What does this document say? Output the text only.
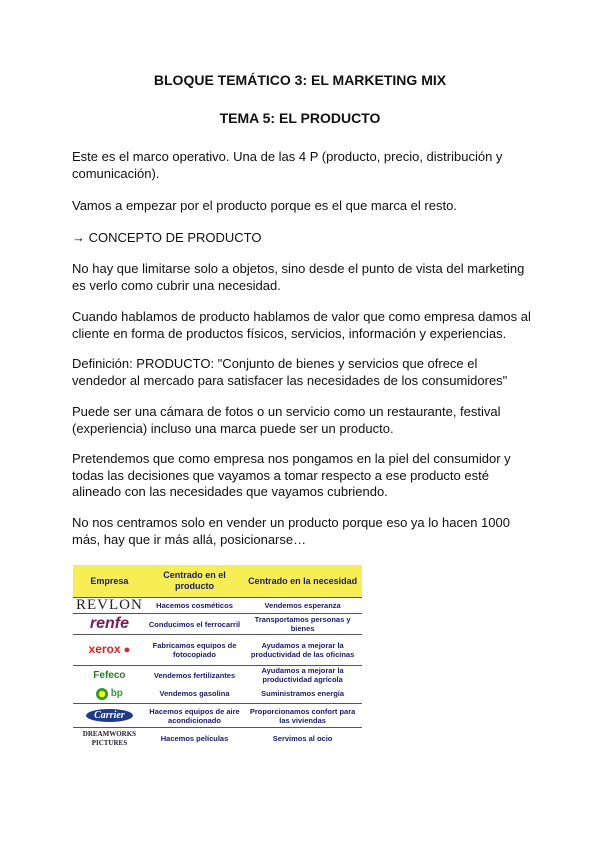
BLOQUE TEMÁTICO 3: EL MARKETING MIX
TEMA 5: EL PRODUCTO

Este es el marco operativo. Una de las 4 P (producto, precio, distribución y comunicación).

Vamos a empezar por el producto porque es el que marca el resto.

→ CONCEPTO DE PRODUCTO

No hay que limitarse solo a objetos, sino desde el punto de vista del marketing es verlo como cubrir una necesidad.

Cuando hablamos de producto hablamos de valor que como empresa damos al cliente en forma de productos físicos, servicios, información y experiencias.

Definición: PRODUCTO: "Conjunto de bienes y servicios que ofrece el vendedor al mercado para satisfacer las necesidades de los consumidores"

Puede ser una cámara de fotos o un servicio como un restaurante, festival (experiencia) incluso una marca puede ser un producto.

Pretendemos que como empresa nos pongamos en la piel del consumidor y todas las decisiones que vayamos a tomar respecto a ese producto esté alineado con las necesidades que vayamos cubriendo.

No nos centramos solo en vender un producto porque eso ya lo hacen 1000 más, hay que ir más allá, posicionarse…

Empresa	Centrado en el producto	Centrado en la necesidad
REVLON	Hacemos cosméticos	Vendemos esperanza
renfe	Conducimos el ferrocarril	Transportamos personas y bienes
xerox ●	Fabricamos equipos de fotocopiado	Ayudamos a mejorar la productividad de las oficinas
Fefeco	Vendemos fertilizantes	Ayudamos a mejorar la productividad agrícola
bp	Vendemos gasolina	Suministramos energía
Carrier	Hacemos equipos de aire acondicionado	Proporcionamos confort para las viviendas
DREAMWORKS PICTURES	Hacemos películas	Servimos al ocio
